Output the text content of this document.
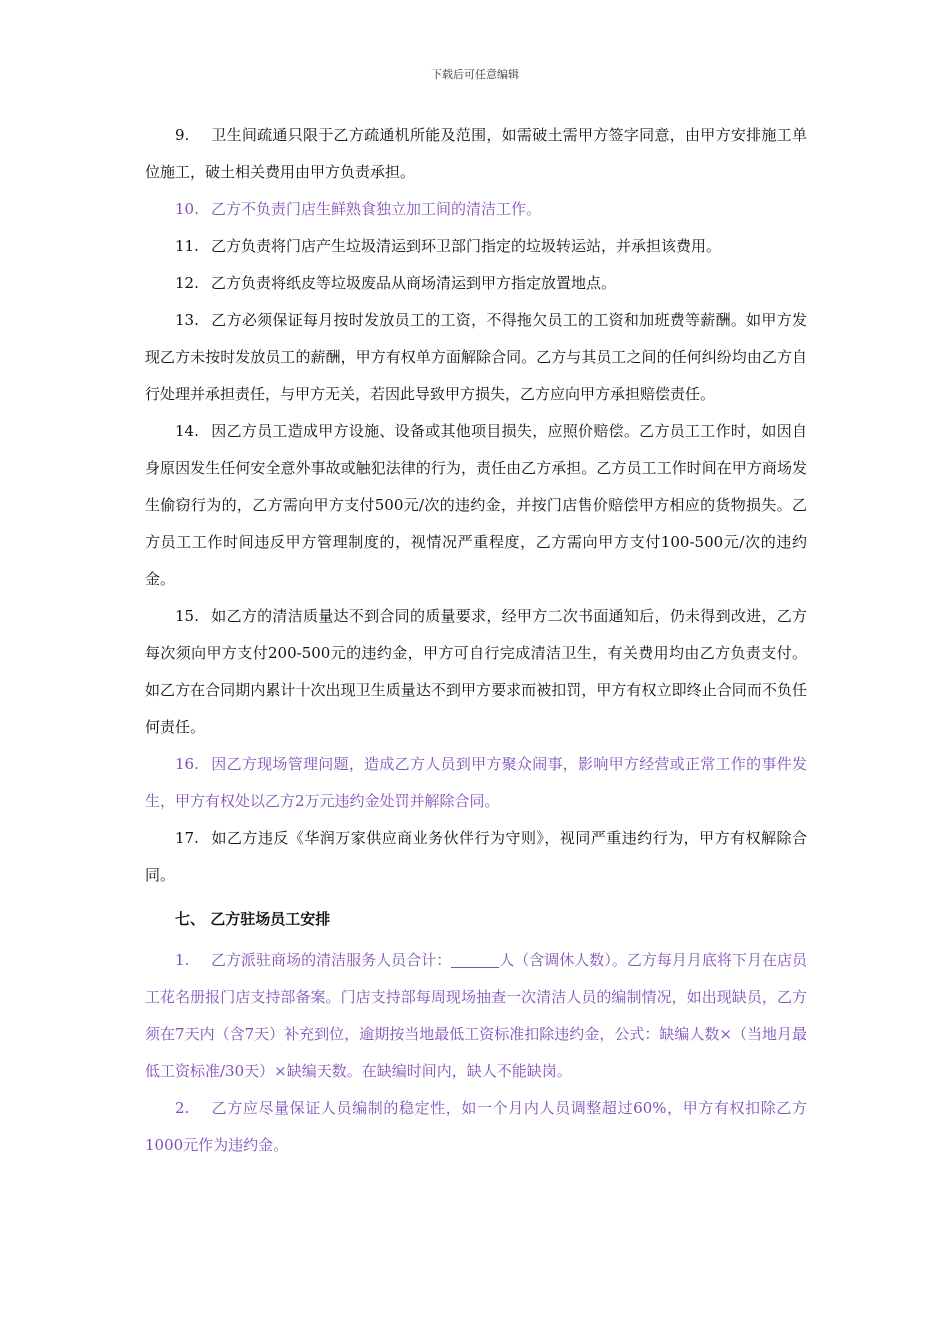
下载后可任意编辑

9. 卫生间疏通只限于乙方疏通机所能及范围，如需破土需甲方签字同意，由甲方安排施工单位施工，破土相关费用由甲方负责承担。

10. 乙方不负责门店生鲜熟食独立加工间的清洁工作。

11. 乙方负责将门店产生垃圾清运到环卫部门指定的垃圾转运站，并承担该费用。

12. 乙方负责将纸皮等垃圾废品从商场清运到甲方指定放置地点。

13. 乙方必须保证每月按时发放员工的工资，不得拖欠员工的工资和加班费等薪酬。如甲方发现乙方未按时发放员工的薪酬，甲方有权单方面解除合同。乙方与其员工之间的任何纠纷均由乙方自行处理并承担责任，与甲方无关，若因此导致甲方损失，乙方应向甲方承担赔偿责任。

14. 因乙方员工造成甲方设施、设备或其他项目损失，应照价赔偿。乙方员工工作时，如因自身原因发生任何安全意外事故或触犯法律的行为，责任由乙方承担。乙方员工工作时间在甲方商场发生偷窃行为的，乙方需向甲方支付500元/次的违约金，并按门店售价赔偿甲方相应的货物损失。乙方员工工作时间违反甲方管理制度的，视情况严重程度，乙方需向甲方支付100-500元/次的违约金。

15. 如乙方的清洁质量达不到合同的质量要求，经甲方二次书面通知后，仍未得到改进，乙方每次须向甲方支付200-500元的违约金，甲方可自行完成清洁卫生，有关费用均由乙方负责支付。如乙方在合同期内累计十次出现卫生质量达不到甲方要求而被扣罚，甲方有权立即终止合同而不负任何责任。

16. 因乙方现场管理问题，造成乙方人员到甲方聚众闹事，影响甲方经营或正常工作的事件发生，甲方有权处以乙方2万元违约金处罚并解除合同。

17. 如乙方违反《华润万家供应商业务伙伴行为守则》，视同严重违约行为，甲方有权解除合同。

七、 乙方驻场员工安排

1. 乙方派驻商场的清洁服务人员合计：	人（含调休人数）。乙方每月月底将下月在店员工花名册报门店支持部备案。门店支持部每周现场抽查一次清洁人员的编制情况，如出现缺员，乙方须在7天内（含7天）补充到位，逾期按当地最低工资标准扣除违约金，公式：缺编人数×（当地月最低工资标准/30天）×缺编天数。在缺编时间内，缺人不能缺岗。

2. 乙方应尽量保证人员编制的稳定性，如一个月内人员调整超过60%，甲方有权扣除乙方1000元作为违约金。
